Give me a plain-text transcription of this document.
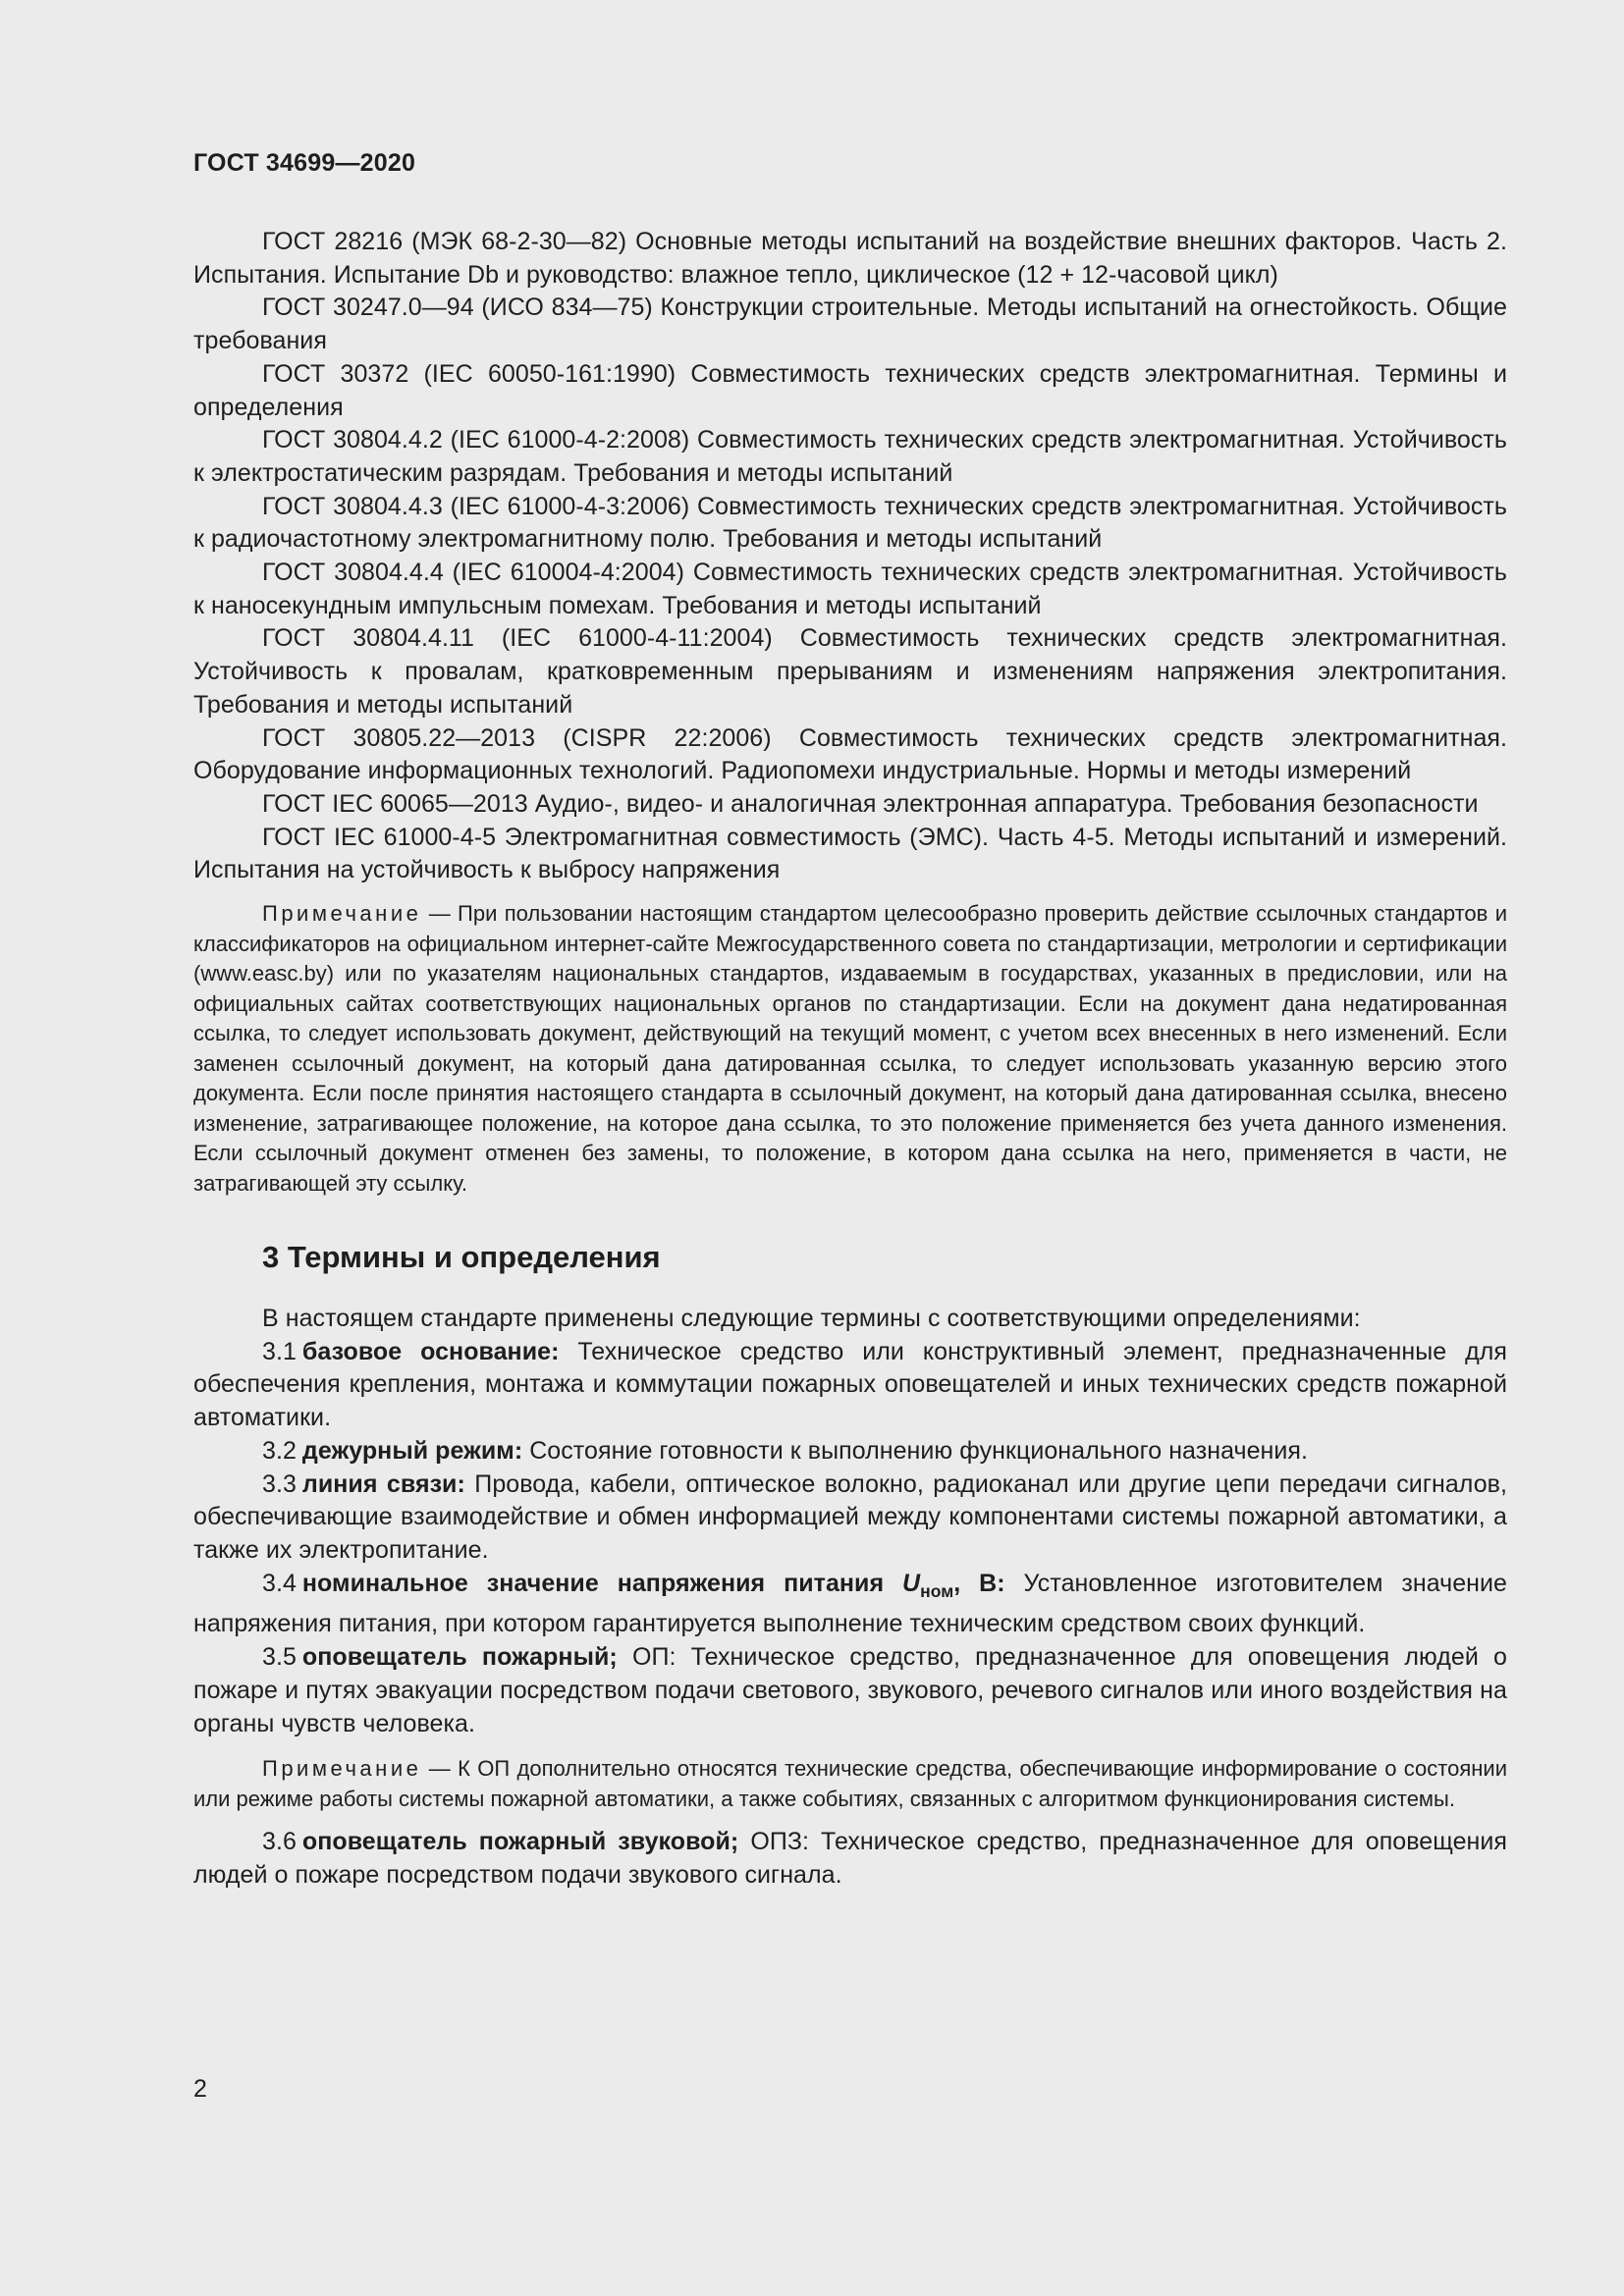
ГОСТ 34699—2020

ГОСТ 28216 (МЭК 68-2-30—82) Основные методы испытаний на воздействие внешних факторов. Часть 2. Испытания. Испытание Db и руководство: влажное тепло, циклическое (12 + 12-часовой цикл)

ГОСТ 30247.0—94 (ИСО 834—75) Конструкции строительные. Методы испытаний на огнестойкость. Общие требования

ГОСТ 30372 (IEC 60050-161:1990) Совместимость технических средств электромагнитная. Термины и определения

ГОСТ 30804.4.2 (IEC 61000-4-2:2008) Совместимость технических средств электромагнитная. Устойчивость к электростатическим разрядам. Требования и методы испытаний

ГОСТ 30804.4.3 (IEC 61000-4-3:2006) Совместимость технических средств электромагнитная. Устойчивость к радиочастотному электромагнитному полю. Требования и методы испытаний

ГОСТ 30804.4.4 (IEC 610004-4:2004) Совместимость технических средств электромагнитная. Устойчивость к наносекундным импульсным помехам. Требования и методы испытаний

ГОСТ 30804.4.11 (IEC 61000-4-11:2004) Совместимость технических средств электромагнитная. Устойчивость к провалам, кратковременным прерываниям и изменениям напряжения электропитания. Требования и методы испытаний

ГОСТ 30805.22—2013 (CISPR 22:2006) Совместимость технических средств электромагнитная. Оборудование информационных технологий. Радиопомехи индустриальные. Нормы и методы измерений

ГОСТ IEC 60065—2013 Аудио-, видео- и аналогичная электронная аппаратура. Требования безопасности

ГОСТ IEC 61000-4-5 Электромагнитная совместимость (ЭМС). Часть 4-5. Методы испытаний и измерений. Испытания на устойчивость к выбросу напряжения

Примечание — При пользовании настоящим стандартом целесообразно проверить действие ссылочных стандартов и классификаторов на официальном интернет-сайте Межгосударственного совета по стандартизации, метрологии и сертификации (www.easc.by) или по указателям национальных стандартов, издаваемым в государствах, указанных в предисловии, или на официальных сайтах соответствующих национальных органов по стандартизации. Если на документ дана недатированная ссылка, то следует использовать документ, действующий на текущий момент, с учетом всех внесенных в него изменений. Если заменен ссылочный документ, на который дана датированная ссылка, то следует использовать указанную версию этого документа. Если после принятия настоящего стандарта в ссылочный документ, на который дана датированная ссылка, внесено изменение, затрагивающее положение, на которое дана ссылка, то это положение применяется без учета данного изменения. Если ссылочный документ отменен без замены, то положение, в котором дана ссылка на него, применяется в части, не затрагивающей эту ссылку.

3 Термины и определения

В настоящем стандарте применены следующие термины с соответствующими определениями:

3.1 базовое основание: Техническое средство или конструктивный элемент, предназначенные для обеспечения крепления, монтажа и коммутации пожарных оповещателей и иных технических средств пожарной автоматики.

3.2 дежурный режим: Состояние готовности к выполнению функционального назначения.

3.3 линия связи: Провода, кабели, оптическое волокно, радиоканал или другие цепи передачи сигналов, обеспечивающие взаимодействие и обмен информацией между компонентами системы пожарной автоматики, а также их электропитание.

3.4 номинальное значение напряжения питания $U_{ном}$, В: Установленное изготовителем значение напряжения питания, при котором гарантируется выполнение техническим средством своих функций.

3.5 оповещатель пожарный; ОП: Техническое средство, предназначенное для оповещения людей о пожаре и путях эвакуации посредством подачи светового, звукового, речевого сигналов или иного воздействия на органы чувств человека.

Примечание — К ОП дополнительно относятся технические средства, обеспечивающие информирование о состоянии или режиме работы системы пожарной автоматики, а также событиях, связанных с алгоритмом функционирования системы.

3.6 оповещатель пожарный звуковой; ОПЗ: Техническое средство, предназначенное для оповещения людей о пожаре посредством подачи звукового сигнала.

2
